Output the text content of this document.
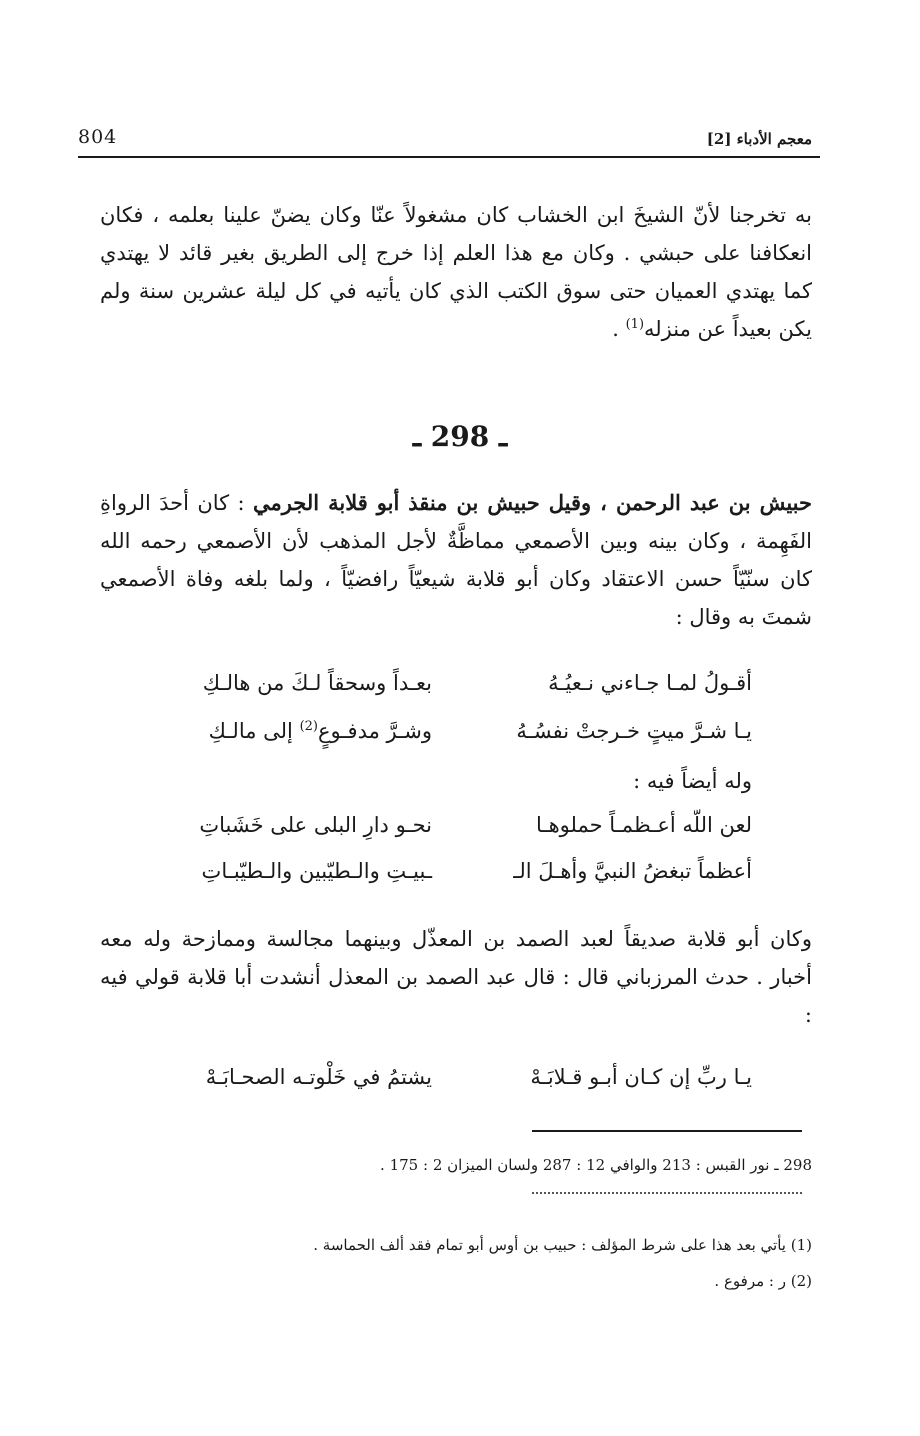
معجم الأدباء [2]
804
به تخرجنا لأنّ الشيخَ ابن الخشاب كان مشغولاً عنّا وكان يضنّ علينا بعلمه ، فكان انعكافنا على حبشي . وكان مع هذا العلم إذا خرج إلى الطريق بغير قائد لا يهتدي كما يهتدي العميان حتى سوق الكتب الذي كان يأتيه في كل ليلة عشرين سنة ولم يكن بعيداً عن منزله$^{(1)}$ .
ـ 298 ـ
حبيش بن عبد الرحمن ، وقيل حبيش بن منقذ أبو قلابة الجرمي : كان أحدَ الرواةِ الفَهِمة ، وكان بينه وبين الأصمعي مماظَّةٌ لأجل المذهب لأن الأصمعي رحمه الله كان سنّيّاً حسن الاعتقاد وكان أبو قلابة شيعيّاً رافضيّاً ، ولما بلغه وفاة الأصمعي شمتَ به وقال :
أقـولُ لمـا جـاءني نـعيُـهُ
بعـداً وسحقاً لـكَ من هالـكِ
يـا شـرَّ ميتٍ خـرجتْ نفسُـهُ
وشـرَّ مدفـوعٍ$^{(2)}$ إلى مالـكِ
وله أيضاً فيه :
لعن اللّه أعـظمـاً حملوهـا
نحـو دارِ البلى على خَشَباتِ
أعظماً تبغضُ النبيَّ وأهـلَ الـ
ـبيـتِ والـطيّبين والـطيّبـاتِ
وكان أبو قلابة صديقاً لعبد الصمد بن المعذّل وبينهما مجالسة وممازحة وله معه أخبار . حدث المرزباني قال : قال عبد الصمد بن المعذل أنشدت أبا قلابة قولي فيه :
يـا ربِّ إن كـان أبـو قـلابَـهْ
يشتمُ في خَلْوتـه الصحـابَـهْ
298 ـ نور القبس : 213 والوافي 12 : 287 ولسان الميزان 2 : 175 .
(1) يأتي بعد هذا على شرط المؤلف : حبيب بن أوس أبو تمام فقد ألف الحماسة .
(2) ر : مرفوع .
